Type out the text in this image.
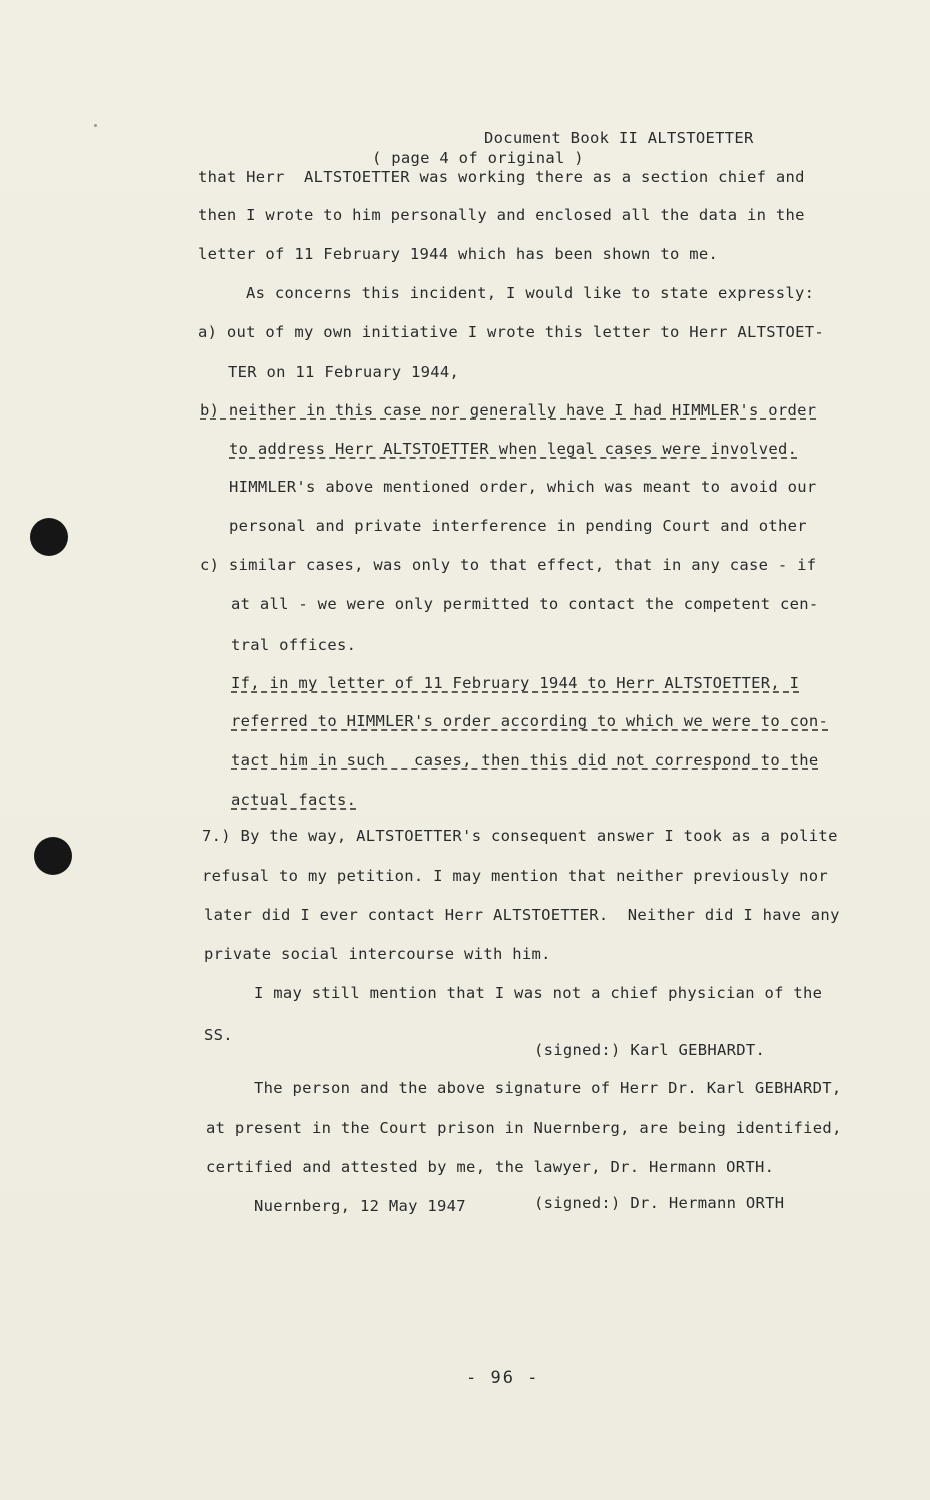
Document Book II ALTSTOETTER
( page 4 of original )
that Herr  ALTSTOETTER was working there as a section chief and
then I wrote to him personally and enclosed all the data in the
letter of 11 February 1944 which has been shown to me.
As concerns this incident, I would like to state expressly:
a) out of my own initiative I wrote this letter to Herr ALTSTOET-
TER on 11 February 1944,
b) neither in this case nor generally have I had HIMMLER's order
to address Herr ALTSTOETTER when legal cases were involved.
HIMMLER's above mentioned order, which was meant to avoid our
personal and private interference in pending Court and other
c) similar cases, was only to that effect, that in any case - if
at all - we were only permitted to contact the competent cen-
tral offices.
If, in my letter of 11 February 1944 to Herr ALTSTOETTER, I
referred to HIMMLER's order according to which we were to con-
tact him in such   cases, then this did not correspond to the
actual facts.
7.) By the way, ALTSTOETTER's consequent answer I took as a polite
refusal to my petition. I may mention that neither previously nor
later did I ever contact Herr ALTSTOETTER.  Neither did I have any
private social intercourse with him.
I may still mention that I was not a chief physician of the
SS.
(signed:) Karl GEBHARDT.
The person and the above signature of Herr Dr. Karl GEBHARDT,
at present in the Court prison in Nuernberg, are being identified,
certified and attested by me, the lawyer, Dr. Hermann ORTH.
Nuernberg, 12 May 1947	(signed:) Dr. Hermann ORTH
- 96 -
